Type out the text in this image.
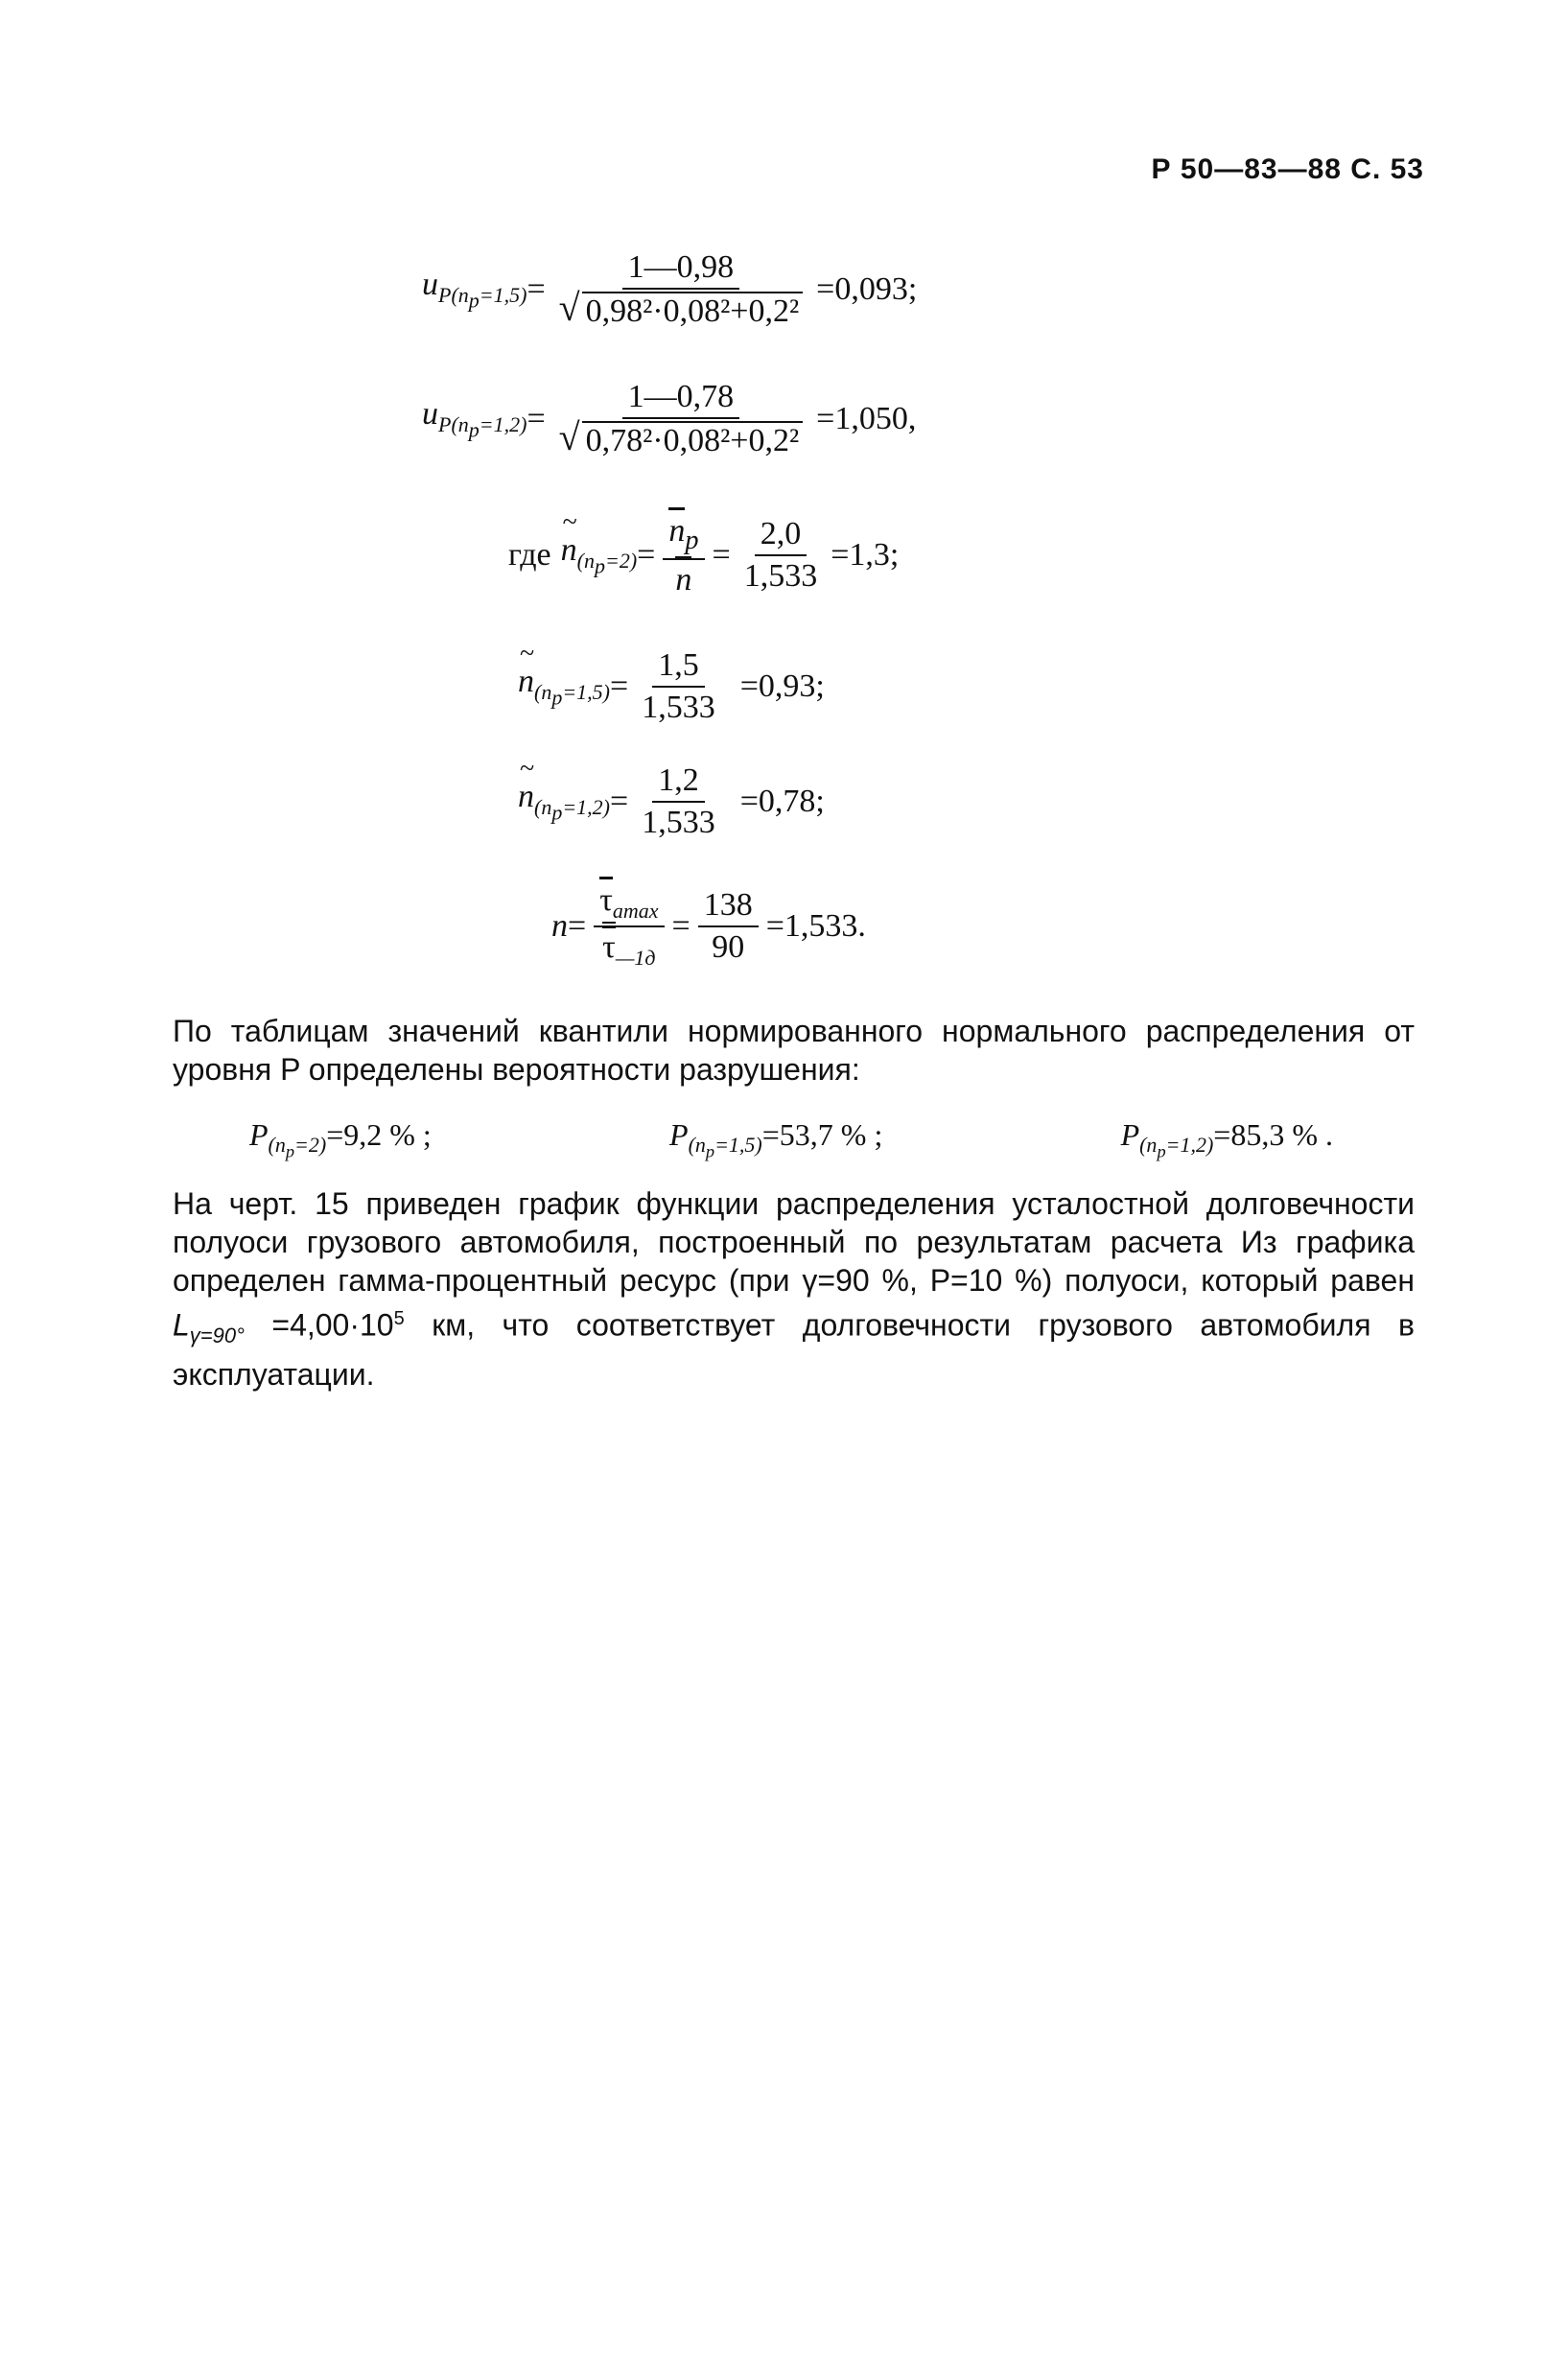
Р 50—83—88 С. 53
$u_{P(n_p=1,5)} = \frac{1—0,98}{\text{√ 0,98²·0,08²+0,2²}} =0,093$;
$u_{P(n_p=1,2)} = \frac{1—0,78}{\text{√ 0,78²·0,08²+0,2²}} =1,050$,
где
~ $n_{(n_p=2)} = \frac{n_p}{n} = \frac{2,0}{1,533} =1,3$;
~ $n_{(n_p=1,5)} = \frac{1,5}{1,533} =0,93$;
~ $n_{(n_p=1,2)} = \frac{1,2}{1,533} =0,78$;
$n = \frac{\tau_{amax}}{\tau_{—1д}} = \frac{138}{90} =1,533$.
По таблицам значений квантили нормированного нормального распределения от уровня P определены вероятности разрушения:
$P_{(n_p=2)}=9,2$ % ;	$P_{(n_p=1,5)}=53,7$ % ;	$P_{(n_p=1,2)}=85,3$ % .
На черт. 15 приведен график функции распределения усталостной долговечности полуоси грузового автомобиля, построенный по результатам расчета Из графика определен гамма-процентный ресурс (при γ=90 %, P=10 %) полуоси, который равен $L_{\gamma=90^\circ} =4,00\cdot 10^5$ км, что соответствует долговечности грузового автомобиля в эксплуатации.
